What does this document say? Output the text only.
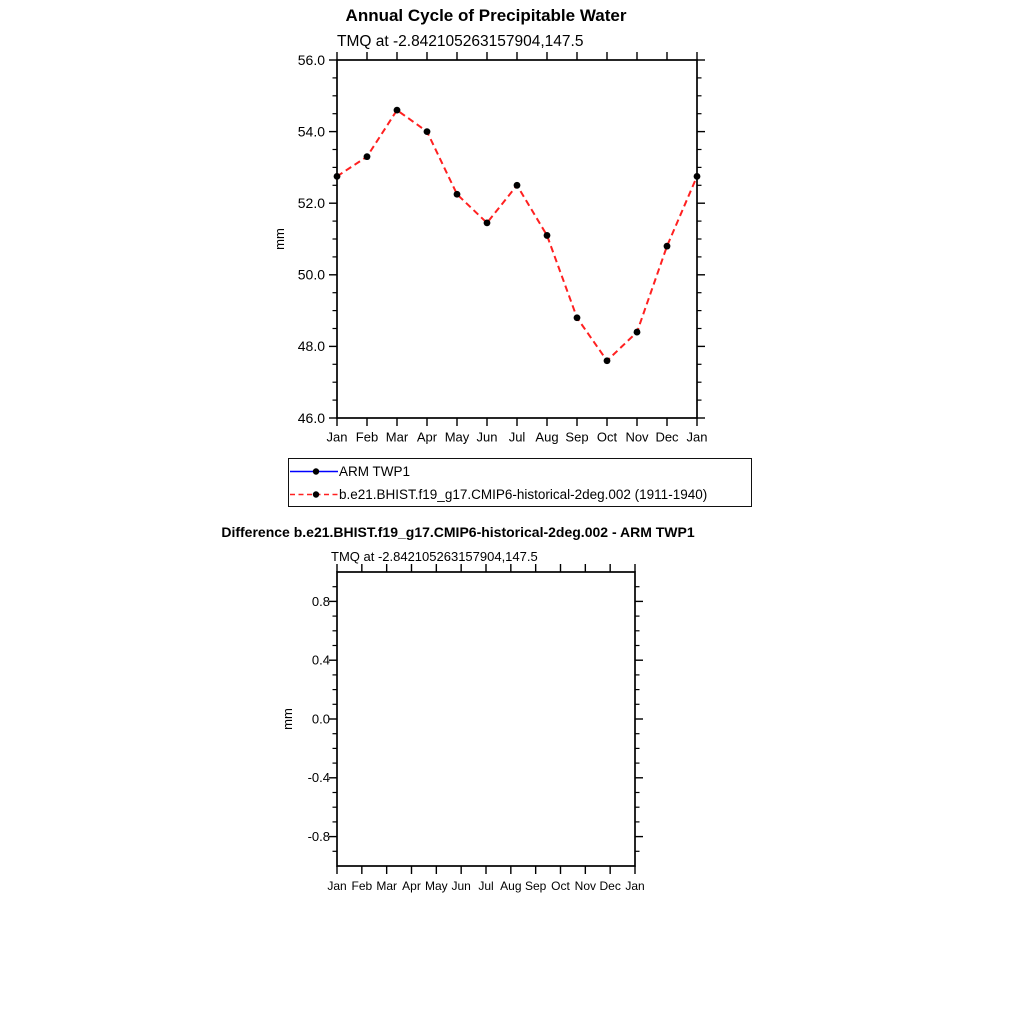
56.0
54.0
52.0
50.0
48.0
46.0
Jan Feb Mar Apr May Jun Jul Aug Sep Oct Nov Dec Jan
mm
0.8
0.4
0.0
-0.4
-0.8
Jan Feb Mar Apr May Jun Jul Aug Sep Oct Nov Dec Jan
mm
Annual Cycle of Precipitable Water
TMQ at -2.842105263157904,147.5
ARM TWP1
b.e21.BHIST.f19_g17.CMIP6-historical-2deg.002 (1911-1940)
Difference b.e21.BHIST.f19_g17.CMIP6-historical-2deg.002 - ARM TWP1
TMQ at -2.842105263157904,147.5
